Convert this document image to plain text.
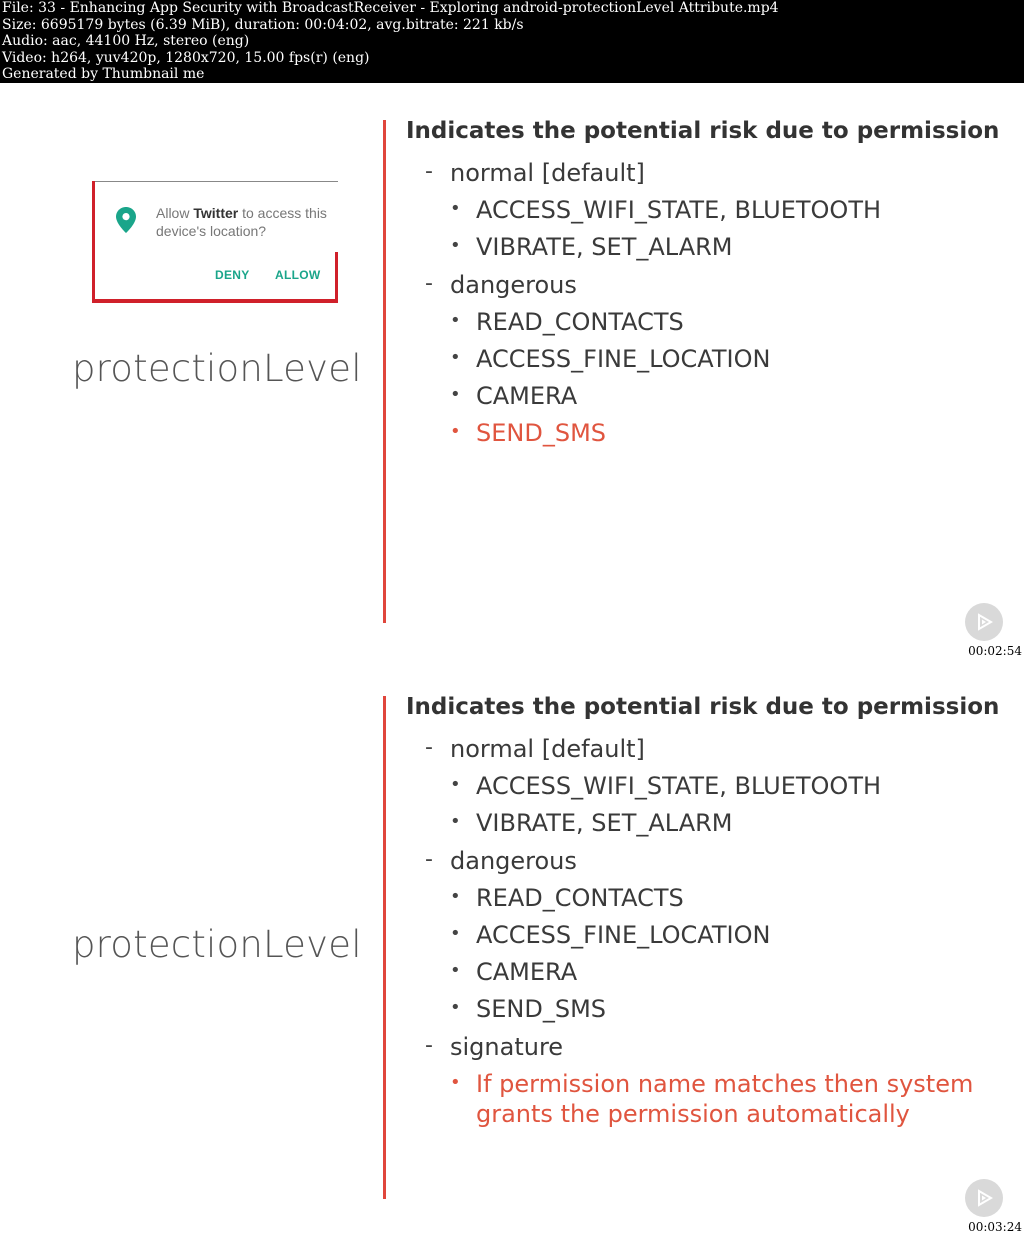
File: 33 - Enhancing App Security with BroadcastReceiver - Exploring android-protectionLevel Attribute.mp4
Size: 6695179 bytes (6.39 MiB), duration: 00:04:02, avg.bitrate: 221 kb/s
Audio: aac, 44100 Hz, stereo (eng)
Video: h264, yuv420p, 1280x720, 15.00 fps(r) (eng)
Generated by Thumbnail me
Allow Twitter to access this device's location?
DENY ALLOW
protectionLevel
Indicates the potential risk due to permission
- normal [default]
• ACCESS_WIFI_STATE, BLUETOOTH
• VIBRATE, SET_ALARM
- dangerous
• READ_CONTACTS
• ACCESS_FINE_LOCATION
• CAMERA
• SEND_SMS
00:02:54
protectionLevel
Indicates the potential risk due to permission
- normal [default]
• ACCESS_WIFI_STATE, BLUETOOTH
• VIBRATE, SET_ALARM
- dangerous
• READ_CONTACTS
• ACCESS_FINE_LOCATION
• CAMERA
• SEND_SMS
- signature
• If permission name matches then system
grants the permission automatically
00:03:24
